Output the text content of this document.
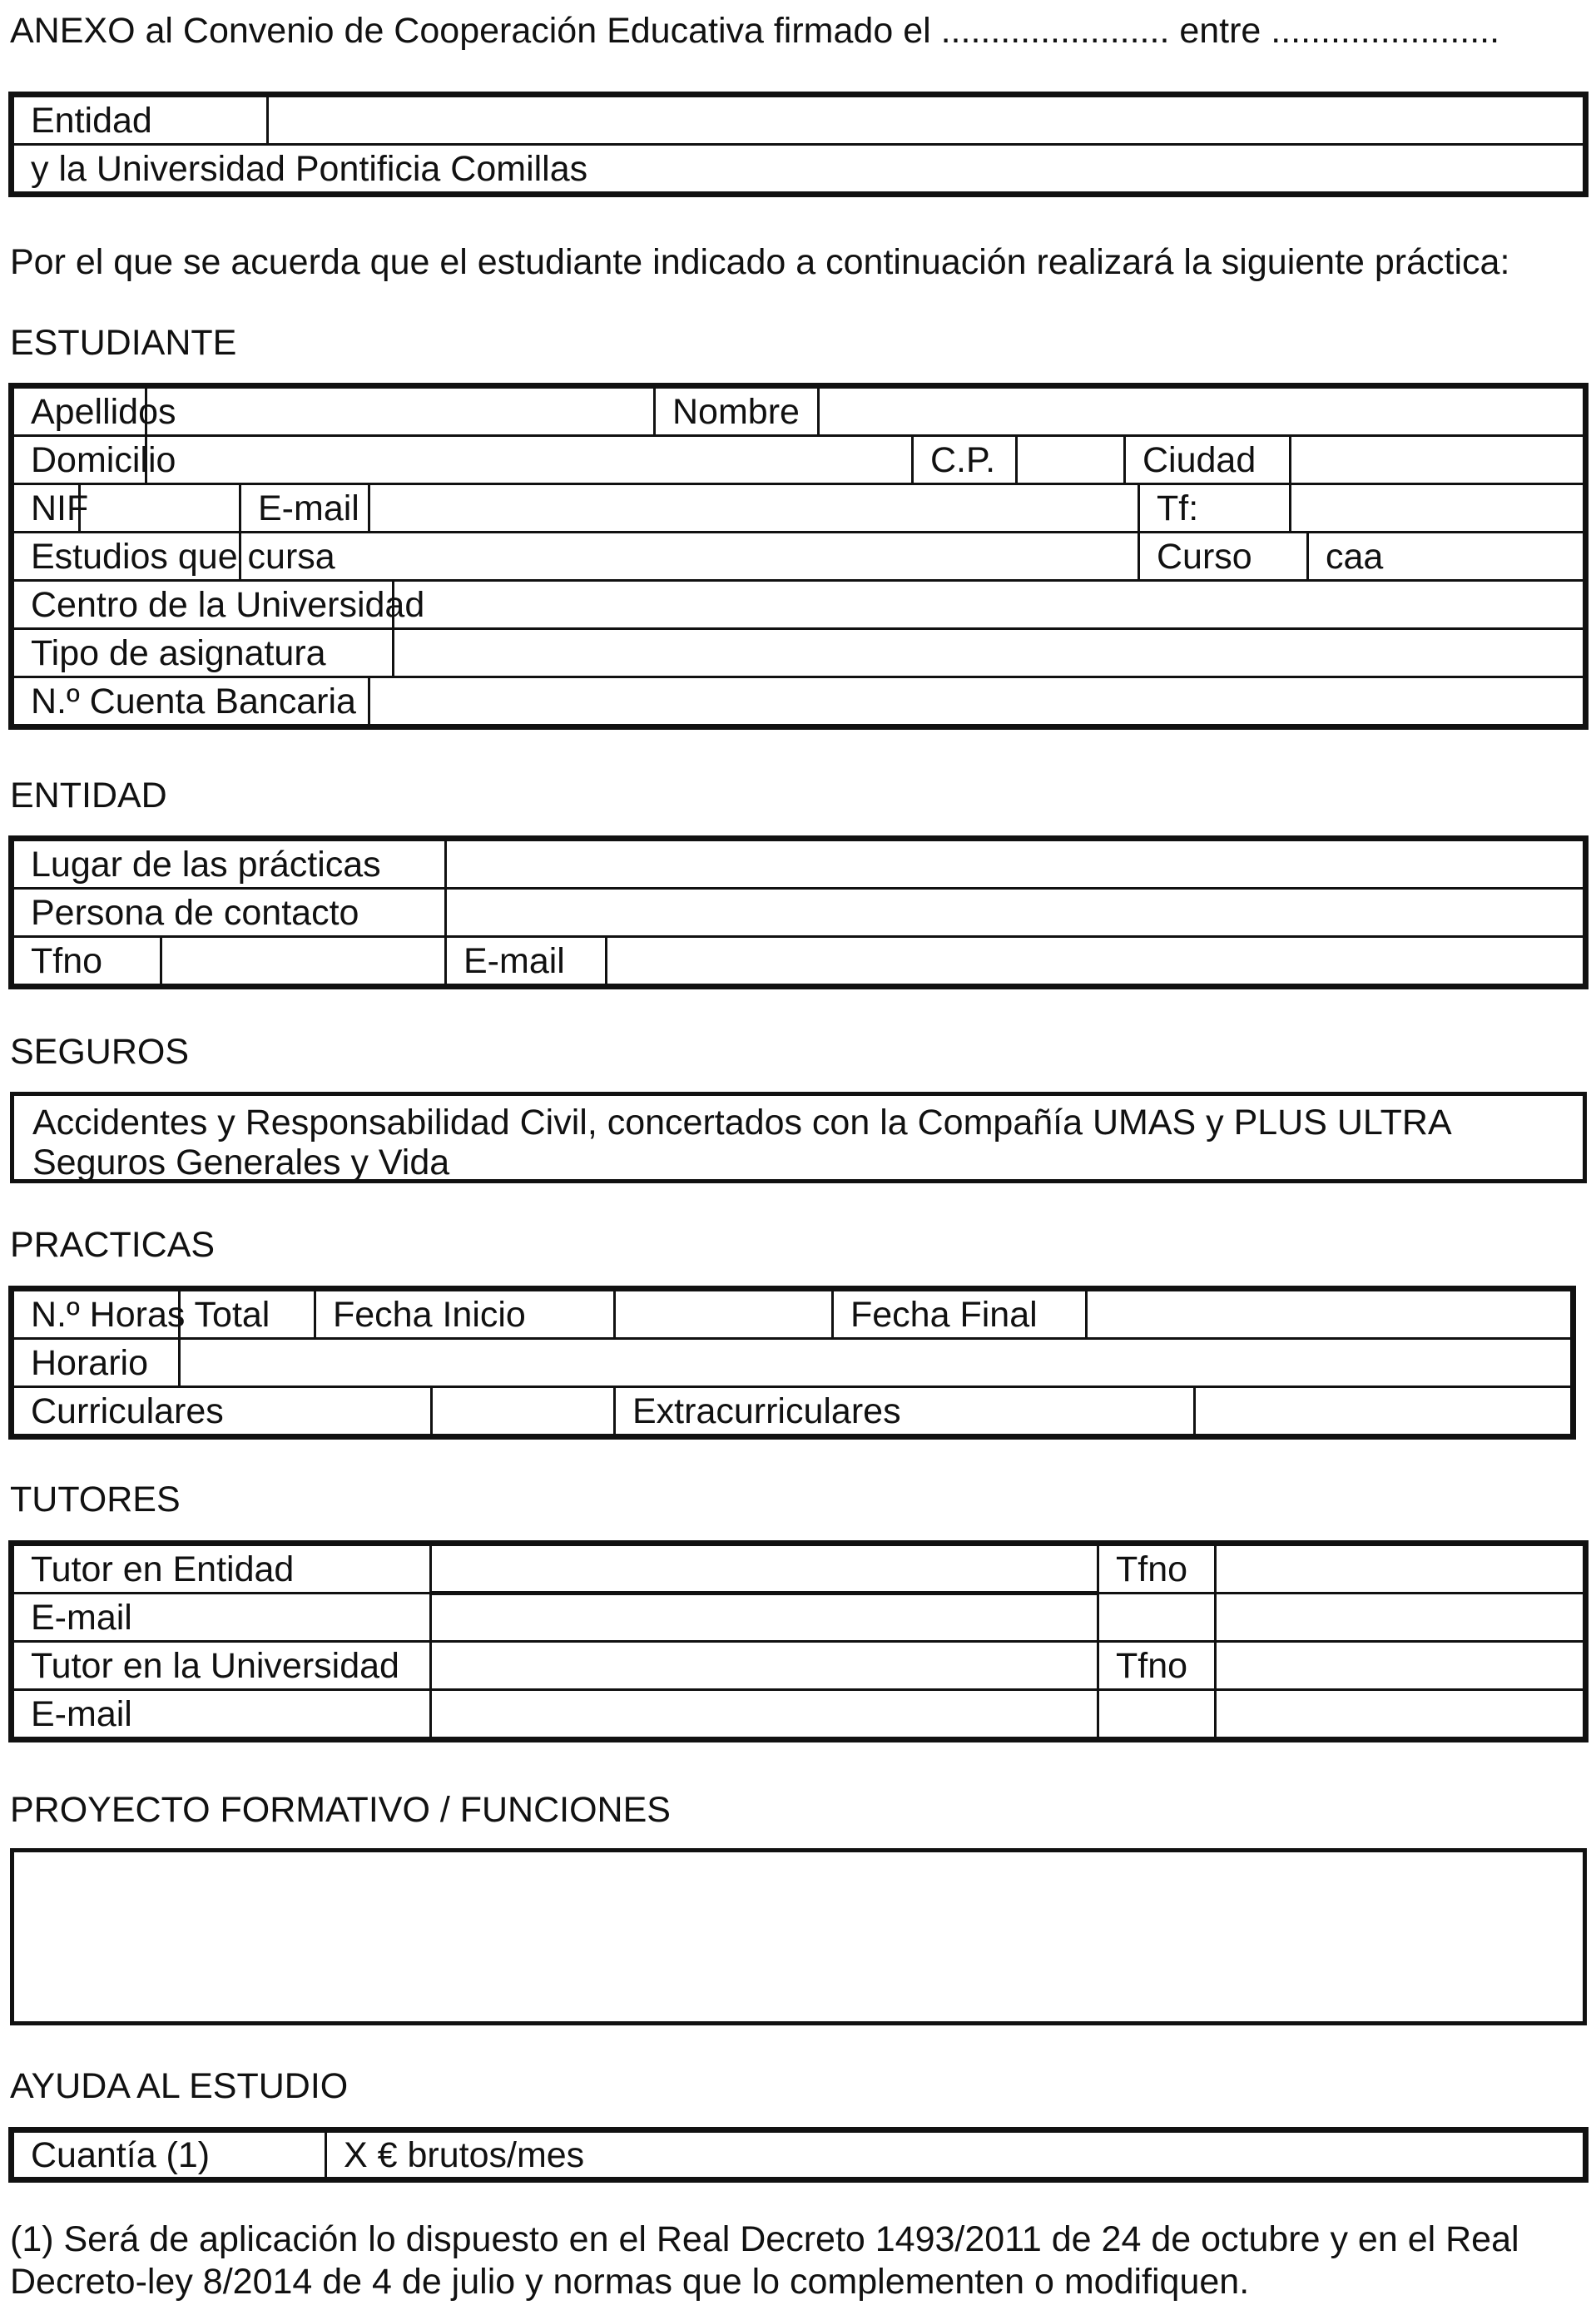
ANEXO al Convenio de Cooperación Educativa firmado el ....................... entre .......................
Entidad	
y la Universidad Pontificia Comillas
Por el que se acuerda que el estudiante indicado a continuación realizará la siguiente práctica:
ESTUDIANTE
Apellidos						Nombre							
Domicilio								C.P.		Ciudad			
NIF			E-mail								Tf:		
Estudios que cursa											Curso		caa
Centro de la Universidad													
Tipo de asignatura													
N.º Cuenta Bancaria													
ENTIDAD
Lugar de las prácticas			
Persona de contacto			
Tfno		E-mail	
SEGUROS
Accidentes y Responsabilidad Civil, concertados con la Compañía UMAS y PLUS ULTRA
Seguros Generales y Vida
PRACTICAS
N.º Horas Total		Fecha Inicio			Fecha Final		
Horario							
Curriculares				Extracurriculares			
TUTORES
Tutor en Entidad		Tfno	
E-mail			
Tutor en la Universidad		Tfno	
E-mail			
PROYECTO FORMATIVO / FUNCIONES
AYUDA AL ESTUDIO
Cuantía (1)	X € brutos/mes
(1) Será de aplicación lo dispuesto en el Real Decreto 1493/2011 de 24 de octubre y en el Real
Decreto-ley 8/2014 de 4 de julio y normas que lo complementen o modifiquen.
